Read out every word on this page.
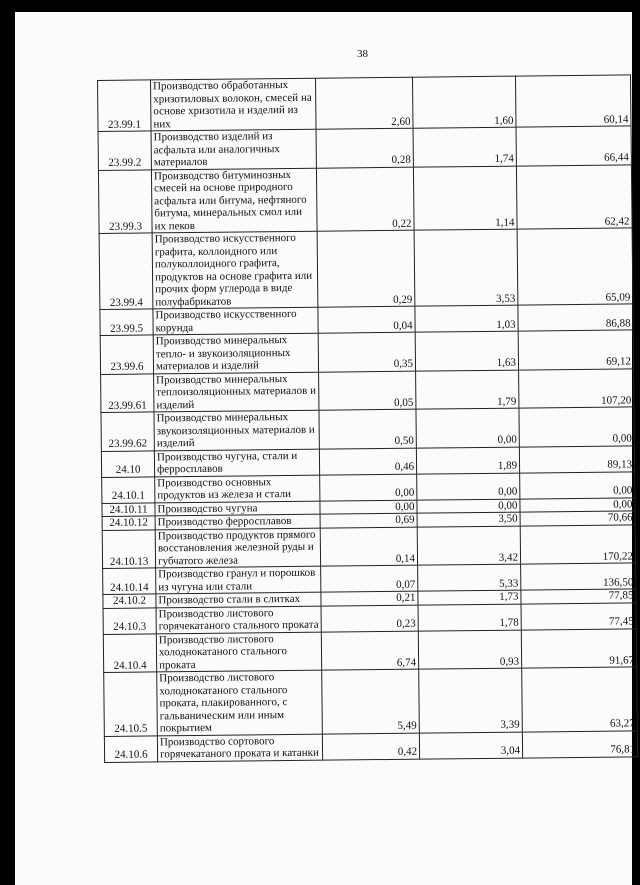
38
23.99.1	Производство обработанных хризотиловых волокон, смесей на основе хризотила и изделий из них	2,60	1,60	60,14
23.99.2	Производство изделий из асфальта или аналогичных материалов	0,28	1,74	66,44
23.99.3	Производство битуминозных смесей на основе природного асфальта или битума, нефтяного битума, минеральных смол или их пеков	0,22	1,14	62,42
23.99.4	Производство искусственного графита, коллоидного или полуколлоидного графита, продуктов на основе графита или прочих форм углерода в виде полуфабрикатов	0,29	3,53	65,09
23.99.5	Производство искусственного корунда	0,04	1,03	86,88
23.99.6	Производство минеральных тепло- и звукоизоляционных материалов и изделий	0,35	1,63	69,12
23.99.61	Производство минеральных теплоизоляционных материалов и изделий	0,05	1,79	107,20
23.99.62	Производство минеральных звукоизоляционных материалов и изделий	0,50	0,00	0,00
24.10	Производство чугуна, стали и ферросплавов	0,46	1,89	89,13
24.10.1	Производство основных продуктов из железа и стали	0,00	0,00	0,00
24.10.11	Производство чугуна	0,00	0,00	0,00
24.10.12	Производство ферросплавов	0,69	3,50	70,66
24.10.13	Производство продуктов прямого восстановления железной руды и губчатого железа	0,14	3,42	170,22
24.10.14	Производство гранул и порошков из чугуна или стали	0,07	5,33	136,50
24.10.2	Производство стали в слитках	0,21	1,73	77,85
24.10.3	Производство листового горячекатаного стального проката	0,23	1,78	77,45
24.10.4	Производство листового холоднокатаного стального проката	6,74	0,93	91,67
24.10.5	Производство листового холоднокатаного стального проката, плакированного, с гальваническим или иным покрытием	5,49	3,39	63,27
24.10.6	Производство сортового горячекатаного проката и катанки	0,42	3,04	76,81
